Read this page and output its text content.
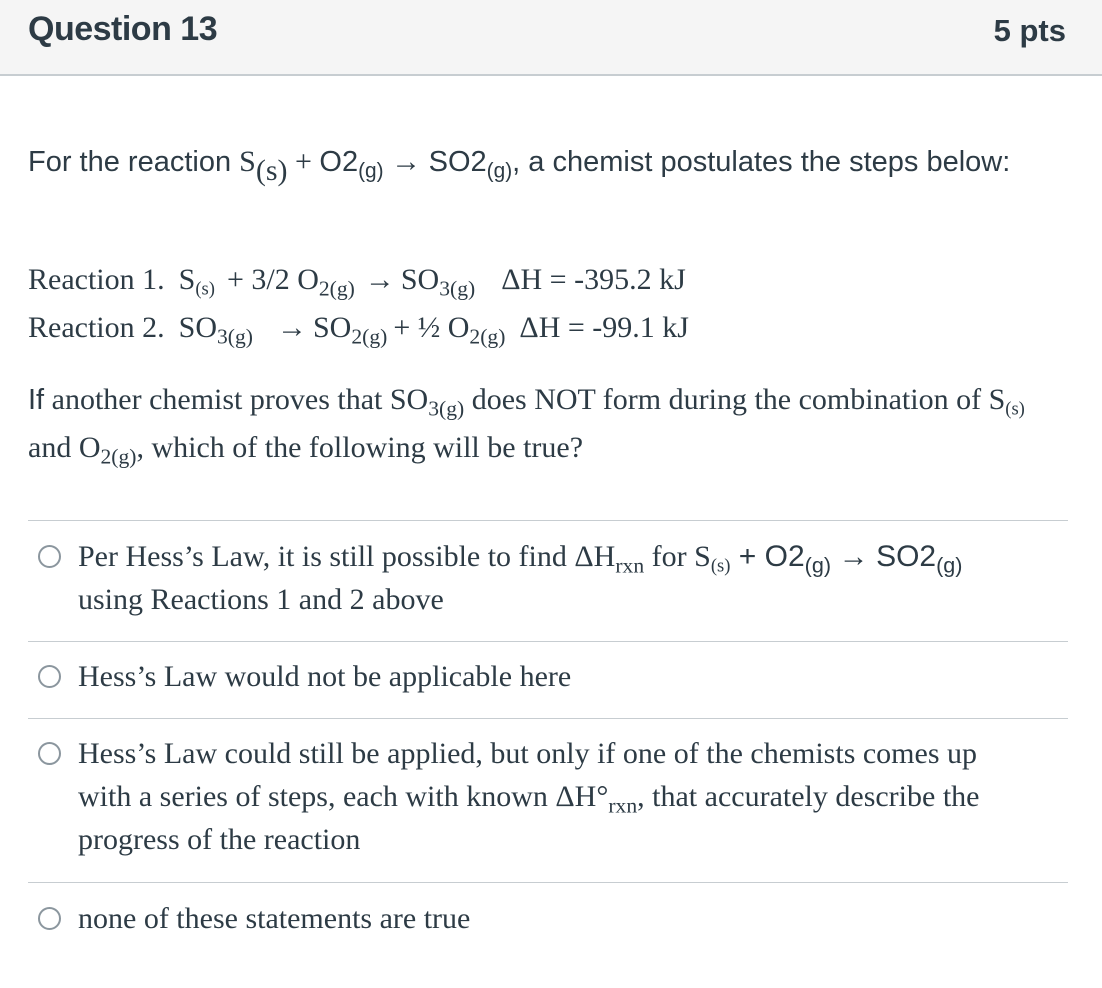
Question 13	5 pts
For the reaction $S_{(s)} + O2_{(g)} \to SO2_{(g)}$, a chemist postulates the steps below:
Reaction 1. $S_{(s)} + 3/2$ $O_{2(g)} \to SO_{3(g)}$ ΔH = -395.2 kJ
Reaction 2. $SO_{3(g)} \to SO_{2(g)}$ + ½ $O_{2(g)}$ ΔH = -99.1 kJ
If another chemist proves that $SO_{3(g)}$ does NOT form during the combination of $S_{(s)}$ and $O_{2(g)}$, which of the following will be true?
Per Hess’s Law, it is still possible to find $\Delta H_{rxn}$ for $S_{(s)} + O2_{(g)} \to SO2_{(g)}$
using Reactions 1 and 2 above
Hess’s Law would not be applicable here
Hess’s Law could still be applied, but only if one of the chemists comes up
with a series of steps, each with known $\Delta H^\circ_{rxn}$, that accurately describe the
progress of the reaction
none of these statements are true
